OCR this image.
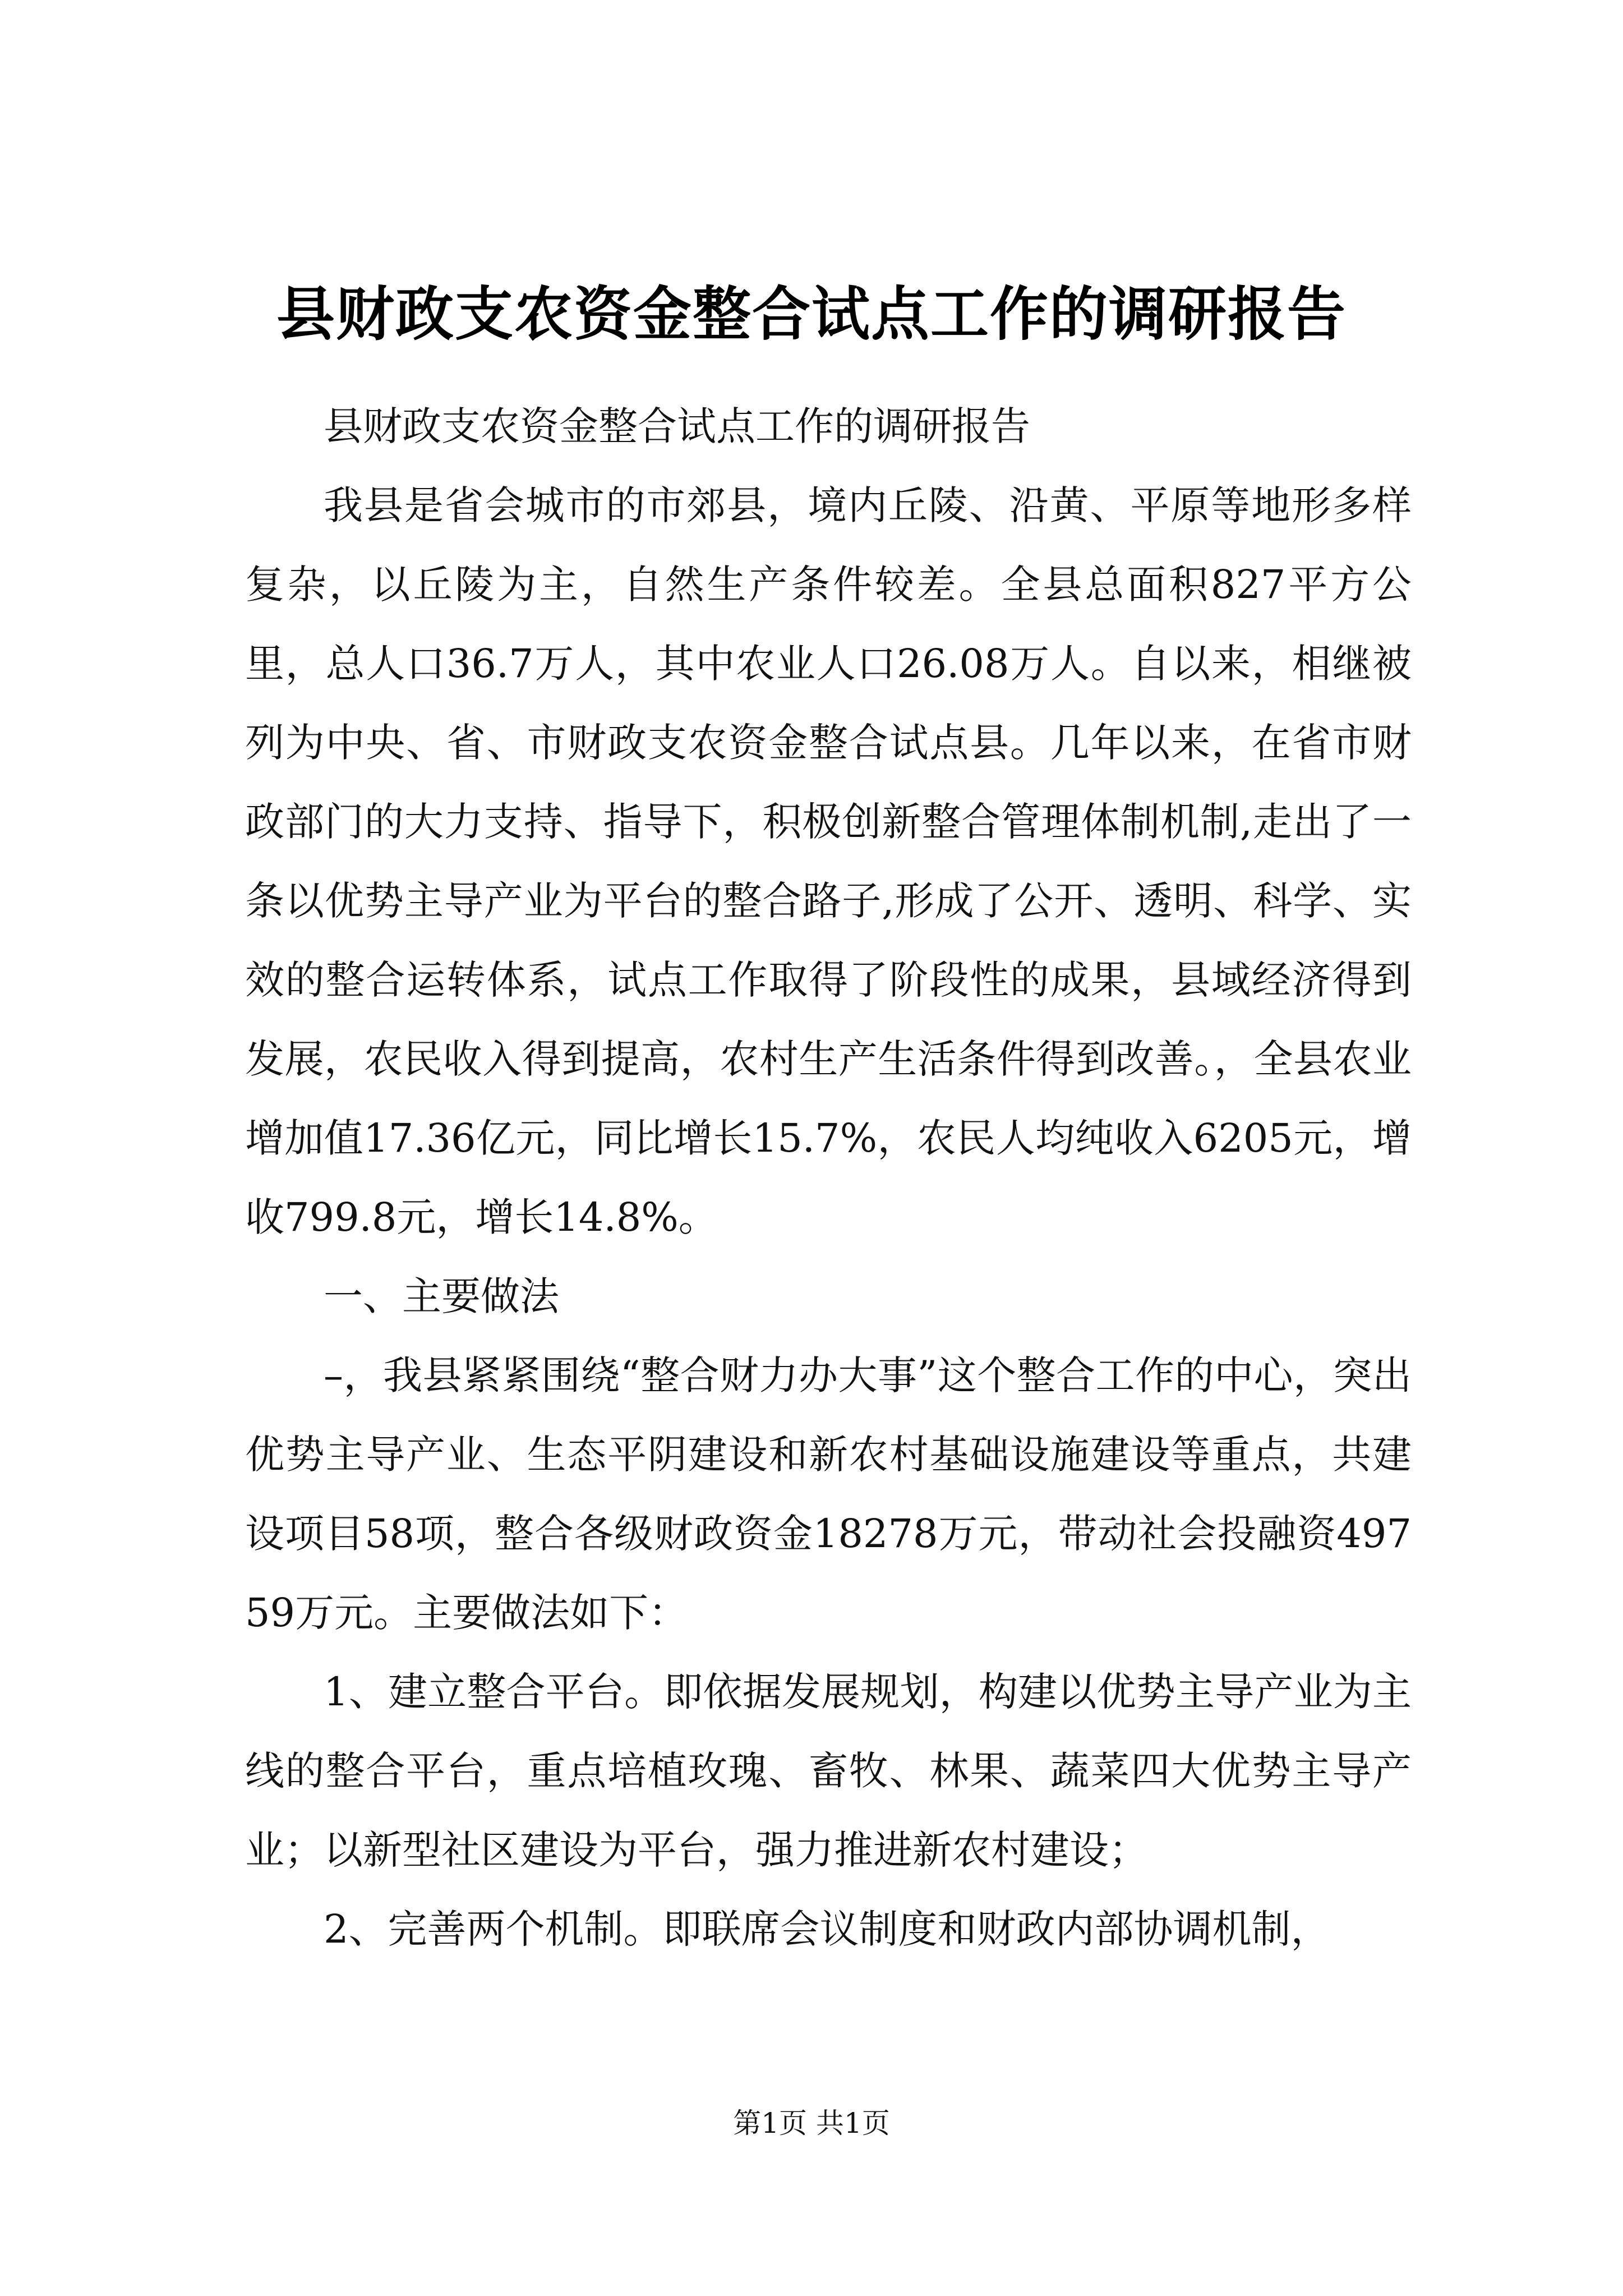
县财政支农资金整合试点工作的调研报告

县财政支农资金整合试点工作的调研报告

我县是省会城市的市郊县，境内丘陵、沿黄、平原等地形多样复杂，以丘陵为主，自然生产条件较差。全县总面积827平方公里，总人口36.7万人，其中农业人口26.08万人。自以来，相继被列为中央、省、市财政支农资金整合试点县。几年以来，在省市财政部门的大力支持、指导下，积极创新整合管理体制机制,走出了一条以优势主导产业为平台的整合路子,形成了公开、透明、科学、实效的整合运转体系，试点工作取得了阶段性的成果，县域经济得到发展，农民收入得到提高，农村生产生活条件得到改善。，全县农业增加值17.36亿元，同比增长15.7%，农民人均纯收入6205元，增收799.8元，增长14.8%。

一、主要做法

–，我县紧紧围绕“整合财力办大事”这个整合工作的中心，突出优势主导产业、生态平阴建设和新农村基础设施建设等重点，共建设项目58项，整合各级财政资金18278万元，带动社会投融资49759万元。主要做法如下：

1、建立整合平台。即依据发展规划，构建以优势主导产业为主线的整合平台，重点培植玫瑰、畜牧、林果、蔬菜四大优势主导产业；以新型社区建设为平台，强力推进新农村建设；

2、完善两个机制。即联席会议制度和财政内部协调机制，

第1页 共1页
